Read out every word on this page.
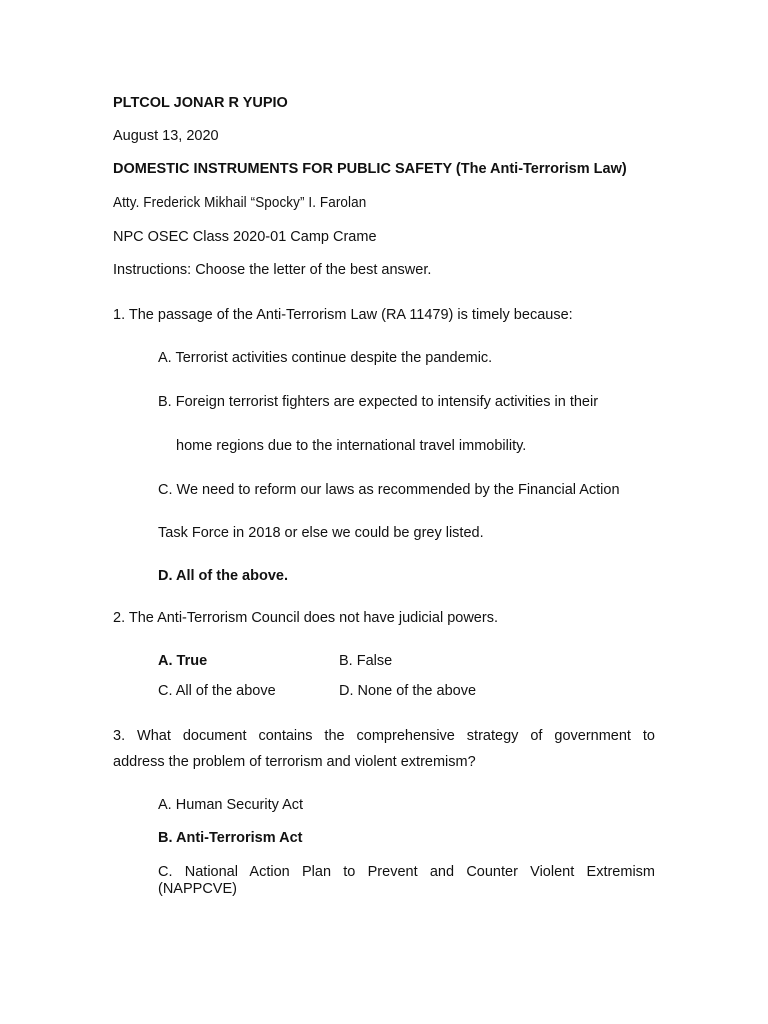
PLTCOL JONAR R YUPIO
August 13, 2020
DOMESTIC INSTRUMENTS FOR PUBLIC SAFETY (The Anti-Terrorism Law)
Atty. Frederick Mikhail “Spocky” I. Farolan
NPC OSEC Class 2020-01 Camp Crame
Instructions: Choose the letter of the best answer.
1. The passage of the Anti-Terrorism Law (RA 11479) is timely because:
A. Terrorist activities continue despite the pandemic.
B. Foreign terrorist fighters are expected to intensify activities in their
home regions due to the international travel immobility.
C. We need to reform our laws as recommended by the Financial Action
Task Force in 2018 or else we could be grey listed.
D. All of the above.
2. The Anti-Terrorism Council does not have judicial powers.
A. True	B. False
C. All of the above	D. None of the above
3. What document contains the comprehensive strategy of government to
address the problem of terrorism and violent extremism?
A. Human Security Act
B. Anti-Terrorism Act
C. National Action Plan to Prevent and Counter Violent Extremism
(NAPPCVE)
